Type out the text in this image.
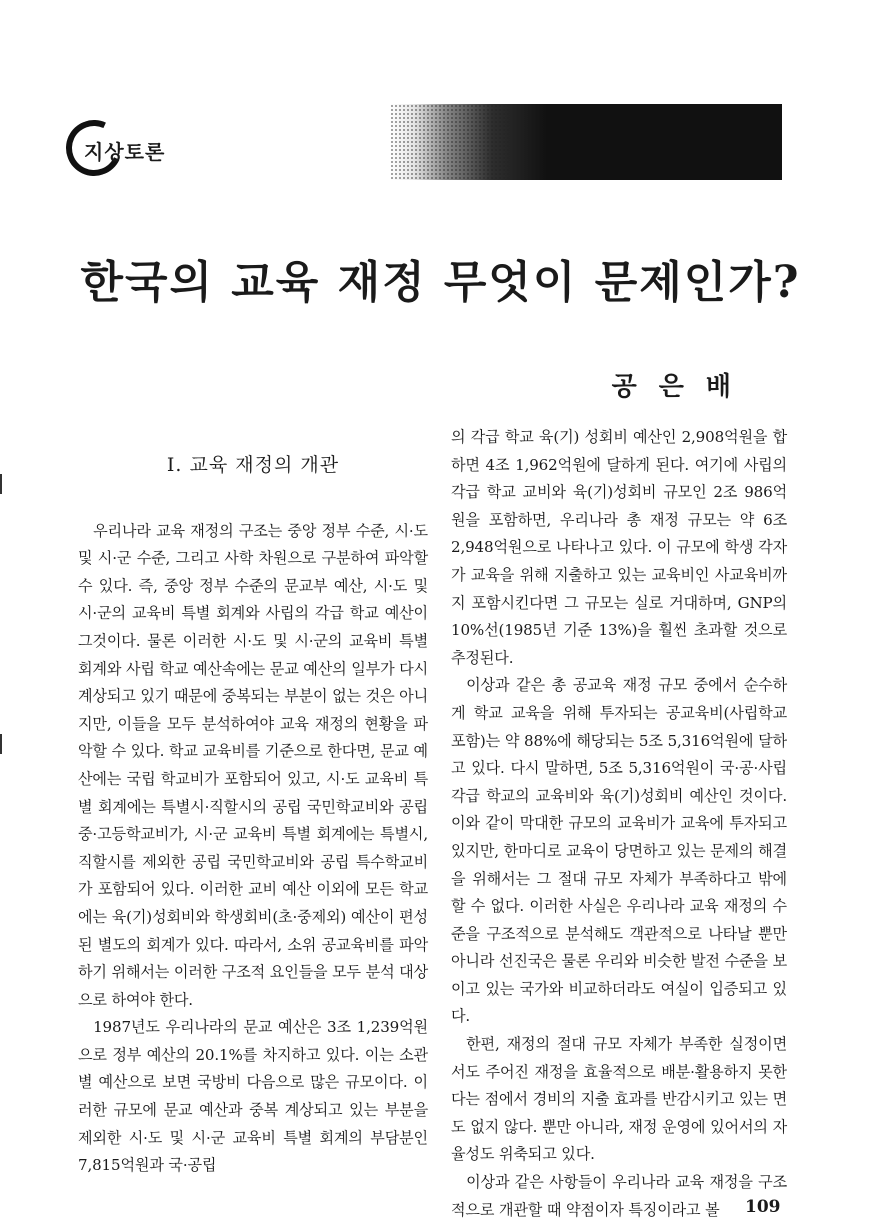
지상토론
한국의 교육 재정 무엇이 문제인가?
공은배
Ⅰ. 교육 재정의 개관

우리나라 교육 재정의 구조는 중앙 정부 수준, 시·도 및 시·군 수준, 그리고 사학 차원으로 구분하여 파악할 수 있다. 즉, 중앙 정부 수준의 문교부 예산, 시·도 및 시·군의 교육비 특별 회계와 사립의 각급 학교 예산이 그것이다. 물론 이러한 시·도 및 시·군의 교육비 특별 회계와 사립 학교 예산속에는 문교 예산의 일부가 다시 계상되고 있기 때문에 중복되는 부분이 없는 것은 아니지만, 이들을 모두 분석하여야 교육 재정의 현황을 파악할 수 있다. 학교 교육비를 기준으로 한다면, 문교 예산에는 국립 학교비가 포함되어 있고, 시·도 교육비 특별 회계에는 특별시·직할시의 공립 국민학교비와 공립 중·고등학교비가, 시·군 교육비 특별 회계에는 특별시, 직할시를 제외한 공립 국민학교비와 공립 특수학교비가 포함되어 있다. 이러한 교비 예산 이외에 모든 학교에는 육(기)성회비와 학생회비(초·중제외) 예산이 편성된 별도의 회계가 있다. 따라서, 소위 공교육비를 파악하기 위해서는 이러한 구조적 요인들을 모두 분석 대상으로 하여야 한다.

1987년도 우리나라의 문교 예산은 3조 1,239억원으로 정부 예산의 20.1%를 차지하고 있다. 이는 소관별 예산으로 보면 국방비 다음으로 많은 규모이다. 이러한 규모에 문교 예산과 중복 계상되고 있는 부분을 제외한 시·도 및 시·군 교육비 특별 회계의 부담분인 7,815억원과 국·공립

의 각급 학교 육(기) 성회비 예산인 2,908억원을 합하면 4조 1,962억원에 달하게 된다. 여기에 사립의 각급 학교 교비와 육(기)성회비 규모인 2조 986억원을 포함하면, 우리나라 총 재정 규모는 약 6조 2,948억원으로 나타나고 있다. 이 규모에 학생 각자가 교육을 위해 지출하고 있는 교육비인 사교육비까지 포함시킨다면 그 규모는 실로 거대하며, GNP의 10%선(1985년 기준 13%)을 훨씬 초과할 것으로 추정된다.

이상과 같은 총 공교육 재정 규모 중에서 순수하게 학교 교육을 위해 투자되는 공교육비(사립학교 포함)는 약 88%에 해당되는 5조 5,316억원에 달하고 있다. 다시 말하면, 5조 5,316억원이 국·공·사립 각급 학교의 교육비와 육(기)성회비 예산인 것이다. 이와 같이 막대한 규모의 교육비가 교육에 투자되고 있지만, 한마디로 교육이 당면하고 있는 문제의 해결을 위해서는 그 절대 규모 자체가 부족하다고 밖에 할 수 없다. 이러한 사실은 우리나라 교육 재정의 수준을 구조적으로 분석해도 객관적으로 나타날 뿐만 아니라 선진국은 물론 우리와 비슷한 발전 수준을 보이고 있는 국가와 비교하더라도 여실이 입증되고 있다.

한편, 재정의 절대 규모 자체가 부족한 실정이면서도 주어진 재정을 효율적으로 배분·활용하지 못한다는 점에서 경비의 지출 효과를 반감시키고 있는 면도 없지 않다. 뿐만 아니라, 재정 운영에 있어서의 자율성도 위축되고 있다.

이상과 같은 사항들이 우리나라 교육 재정을 구조적으로 개관할 때 약점이자 특징이라고 볼	109
